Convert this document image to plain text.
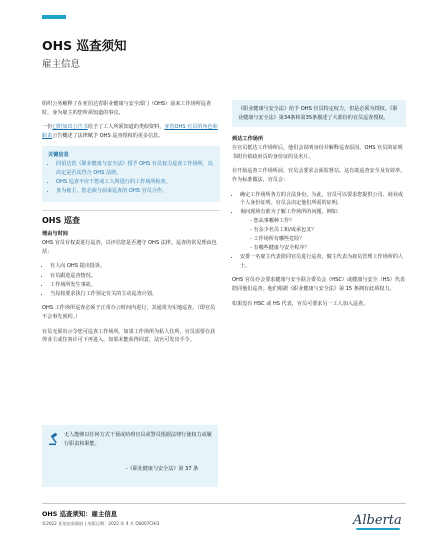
OHS 巡查须知
雇主信息

组织公务解释了在亚伯达省职业健康与安全部门（OHS）前来工作场所巡查时，身为雇主的您所须知道的事宜。

一份已附加出公告书给予了工人所须知道的类似资料，亚省OHS 官员的角色和职责公告概述了法律赋予 OHS 巡查授权的更多信息。

关键信息
• 同伯达省《职业健康与安全法》授予 OHS 官员权力巡查工作场所，以决定是否其符合 OHS 法律。
• OHS 巡查不应干您或工人所进行的工作场所检查。
• 身为雇主，您必须与前来巡查的 OHS 官员合作。
OHS 巡查
理由与时间

OHS 官员有权责进行巡查，以评估您是否遵守 OHS 法律。巡查的常见理由包括：

• 有人向 OHS 提出投诉。
• 官员跟进巡查情况。
• 工作场所发生事故。
• 当局按要求执行工作预定有关的主动巡查计划。

OHS 工作场所巡查必须于正常办公时间内进行，其通常为实地巡查。（即官员不会事先预约。）

官员无须出示令您可巡查工作场所。如果工作场所为私人住所，官员需要在获得业主或住客许可下再进入。如果未能获得同意，法官可发出手令。

无人能够以任何方式干预或妨碍官员或警员根据法律行使权力或履行职责和职能。

-《职业健康与安全法》第 37 条

《职业健康与安全法》给予 OHS 官员特定权力，但是必须为授权。《职业健康与安全法》第34条和第35条描述了大部份的官员巡查授权。

到达工作场所

在官员抵达工作场所后，他们会说明身份并解释巡查原因。OHS 官员的证明书附有依政府页的身份证的及名片。

在开始巡查工作场所前，官员会要求会面监督站。这有助巡查安全及有效率。作为标准做法，官员会：

• 确定工作场所各方的合法身份。为此，官员可以要求您提供公司、商业或个人身份证明。官员会决定他们所需的证明。
• 询问现场有谁为了解工作场所的问题，例如：
- 您从事哪种工作？
- 有多少名员工和/或承包叉？
- 工作场所有哪些危险？
- 有哪些健康与安全程序？
• 安排一名雇主代表陪同官员进行巡查。僱主代表为雇员管理工作场所的人士。

OHS 官员亦会要求健康与安全联合委员会（HSC）或健康与安全（HS）代表陪同他们巡查。他们根据《职业健康与安全法》第 15 条拥有此项权力。

如果没有 HSC 或 HS 代表，官员可要求另一工人加入巡查。

OHS 巡查须知：雇主信息
©2022 亚伯达省政府 | 出版日期：2022 年 4 月 OS007CHI3	Alberta
